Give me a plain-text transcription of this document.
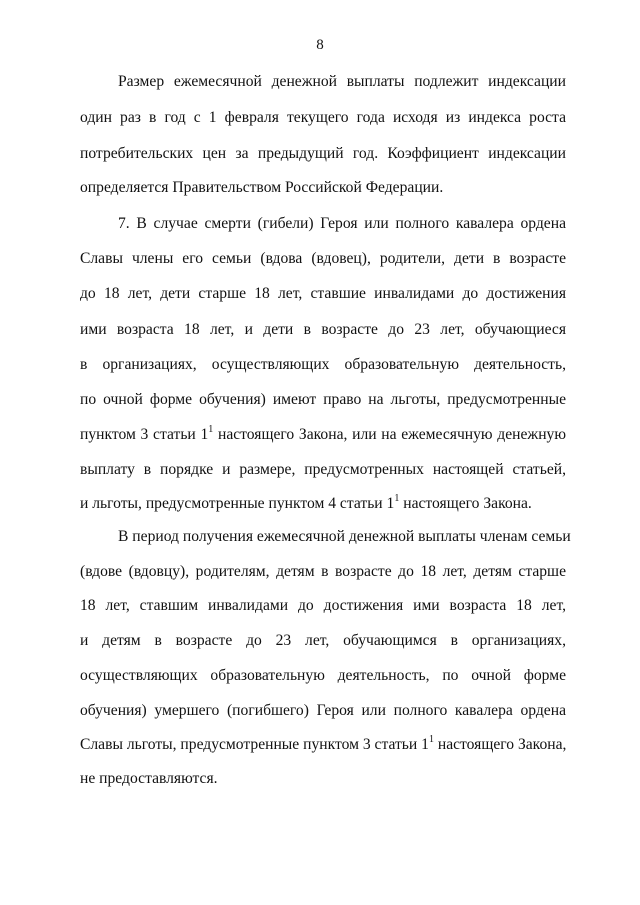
8
Размер ежемесячной денежной выплаты подлежит индексации
один раз в год с 1 февраля текущего года исходя из индекса роста
потребительских цен за предыдущий год. Коэффициент индексации
определяется Правительством Российской Федерации.
7. В случае смерти (гибели) Героя или полного кавалера ордена
Славы члены его семьи (вдова (вдовец), родители, дети в возрасте
до 18 лет, дети старше 18 лет, ставшие инвалидами до достижения
ими возраста 18 лет, и дети в возрасте до 23 лет, обучающиеся
в организациях, осуществляющих образовательную деятельность,
по очной форме обучения) имеют право на льготы, предусмотренные
пунктом 3 статьи $1^1$ настоящего Закона, или на ежемесячную денежную
выплату в порядке и размере, предусмотренных настоящей статьей,
и льготы, предусмотренные пунктом 4 статьи $1^1$ настоящего Закона.
В период получения ежемесячной денежной выплаты членам семьи
(вдове (вдовцу), родителям, детям в возрасте до 18 лет, детям старше
18 лет, ставшим инвалидами до достижения ими возраста 18 лет,
и детям в возрасте до 23 лет, обучающимся в организациях,
осуществляющих образовательную деятельность, по очной форме
обучения) умершего (погибшего) Героя или полного кавалера ордена
Славы льготы, предусмотренные пунктом 3 статьи $1^1$ настоящего Закона,
не предоставляются.
